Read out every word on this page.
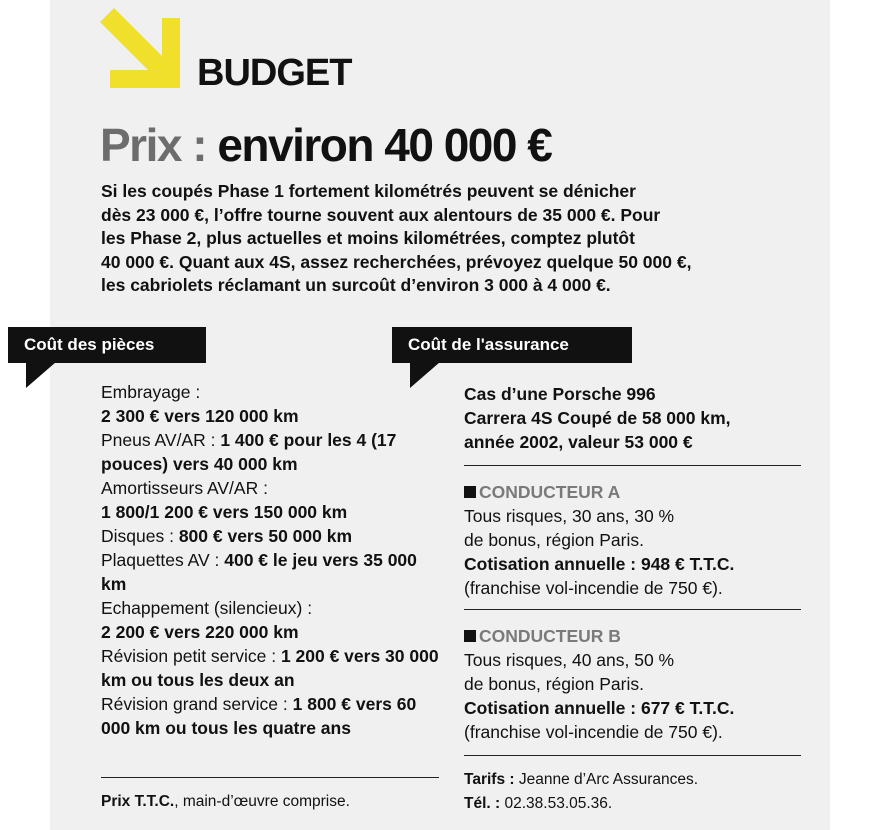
BUDGET
Prix : environ 40 000 €
Si les coupés Phase 1 fortement kilométrés peuvent se dénicher
dès 23 000 €, l’offre tourne souvent aux alentours de 35 000 €. Pour
les Phase 2, plus actuelles et moins kilométrées, comptez plutôt
40 000 €. Quant aux 4S, assez recherchées, prévoyez quelque 50 000 €,
les cabriolets réclamant un surcoût d’environ 3 000 à 4 000 €.
Coût des pièces	Coût de l'assurance

Embrayage :
2 300 € vers 120 000 km

Pneus AV/AR : 1 400 € pour les 4 (17 pouces) vers 40 000 km

Amortisseurs AV/AR :
1 800/1 200 € vers 150 000 km

Disques : 800 € vers 50 000 km

Plaquettes AV : 400 € le jeu vers 35 000 km

Echappement (silencieux) :
2 200 € vers 220 000 km

Révision petit service : 1 200 € vers 30 000 km ou tous les deux an

Révision grand service : 1 800 € vers 60 000 km ou tous les quatre ans

Prix T.T.C., main-d’œuvre comprise.
Cas d’une Porsche 996
Carrera 4S Coupé de 58 000 km,
année 2002, valeur 53 000 €
CONDUCTEUR A
Tous risques, 30 ans, 30 %
de bonus, région Paris.
Cotisation annuelle : 948 € T.T.C.
(franchise vol-incendie de 750 €).
CONDUCTEUR B
Tous risques, 40 ans, 50 %
de bonus, région Paris.
Cotisation annuelle : 677 € T.T.C.
(franchise vol-incendie de 750 €).
Tarifs : Jeanne d’Arc Assurances.
Tél. : 02.38.53.05.36.
